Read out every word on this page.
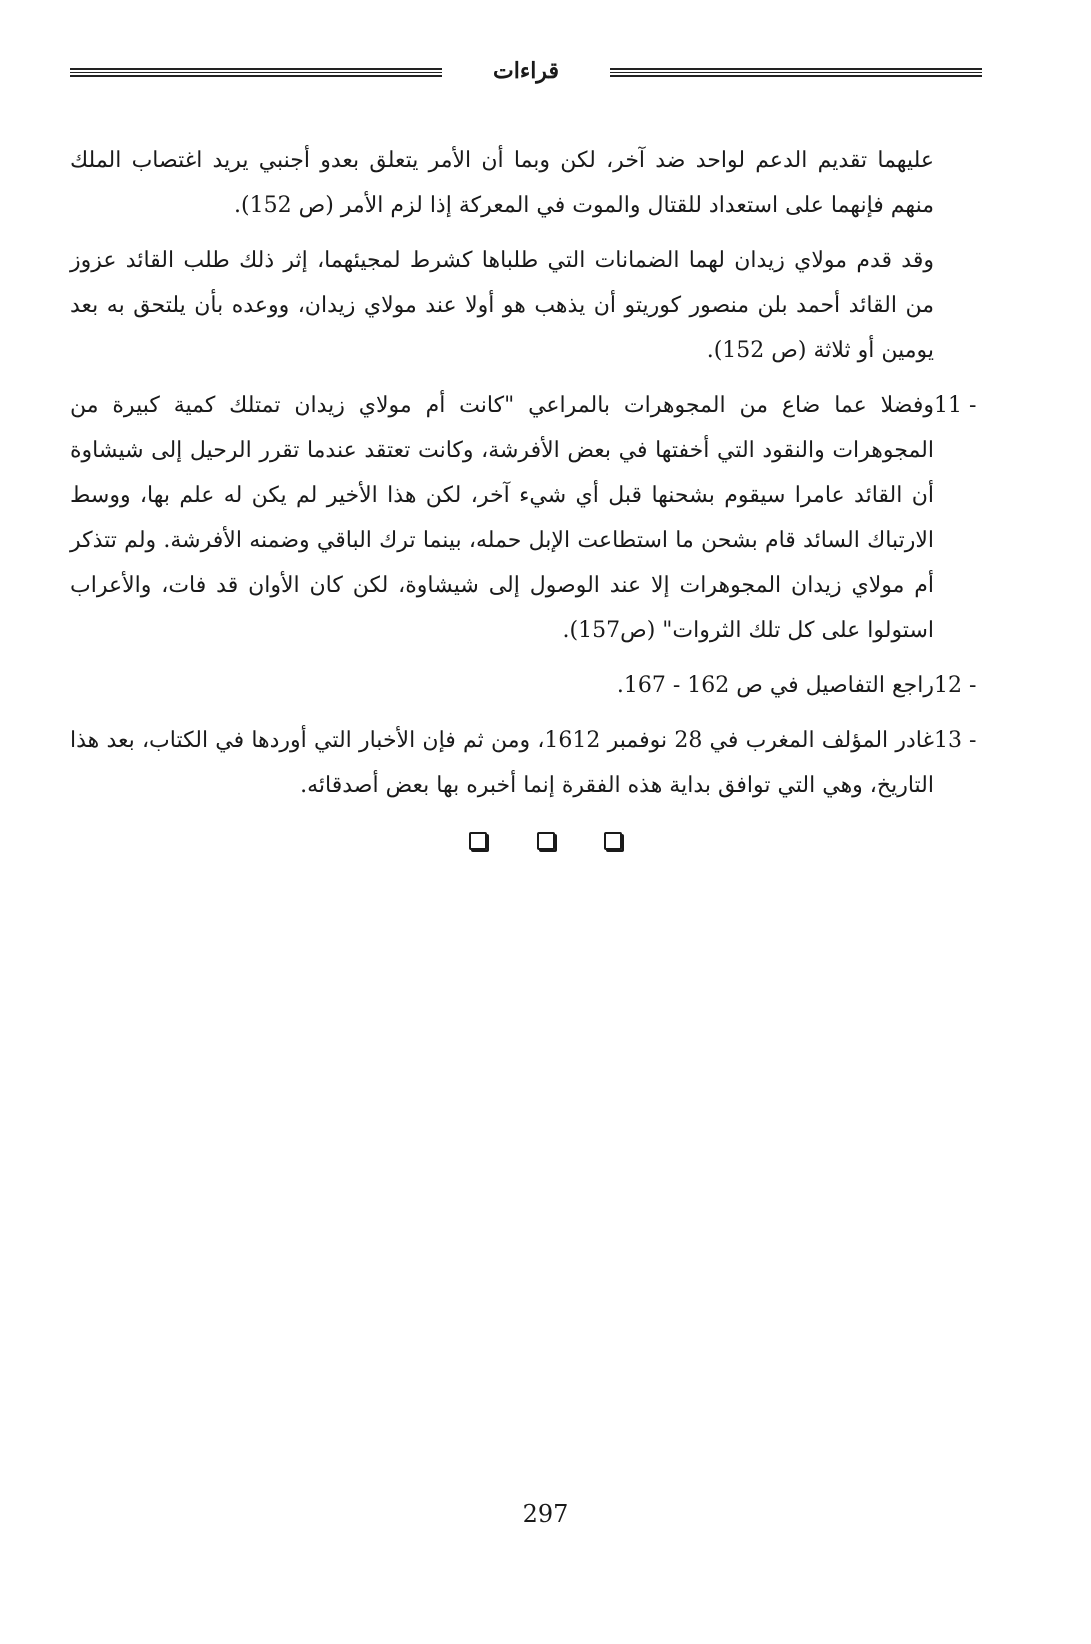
قراءات

عليهما تقديم الدعم لواحد ضد آخر، لكن وبما أن الأمر يتعلق بعدو أجنبي يريد اغتصاب الملك منهم فإنهما على استعداد للقتال والموت في المعركة إذا لزم الأمر (ص 152).

وقد قدم مولاي زيدان لهما الضمانات التي طلباها كشرط لمجيئهما، إثر ذلك طلب القائد عزوز من القائد أحمد بلن منصور كوريتو أن يذهب هو أولا عند مولاي زيدان، ووعده بأن يلتحق به بعد يومين أو ثلاثة (ص 152).

11 -
وفضلا عما ضاع من المجوهرات بالمراعي "كانت أم مولاي زيدان تمتلك كمية كبيرة من المجوهرات والنقود التي أخفتها في بعض الأفرشة، وكانت تعتقد عندما تقرر الرحيل إلى شيشاوة أن القائد عامرا سيقوم بشحنها قبل أي شيء آخر، لكن هذا الأخير لم يكن له علم بها، ووسط الارتباك السائد قام بشحن ما استطاعت الإبل حمله، بينما ترك الباقي وضمنه الأفرشة. ولم تتذكر أم مولاي زيدان المجوهرات إلا عند الوصول إلى شيشاوة، لكن كان الأوان قد فات، والأعراب استولوا على كل تلك الثروات" (ص157).
12 -
راجع التفاصيل في ص 162 - 167.
13 -
غادر المؤلف المغرب في 28 نوفمبر 1612، ومن ثم فإن الأخبار التي أوردها في الكتاب، بعد هذا التاريخ، وهي التي توافق بداية هذه الفقرة إنما أخبره بها بعض أصدقائه.

297
